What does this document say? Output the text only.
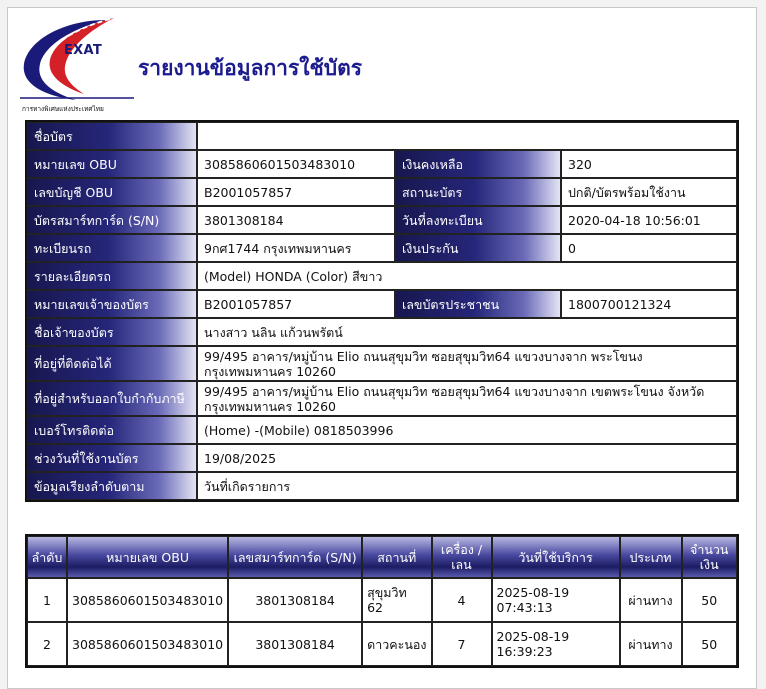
EXAT
การทางพิเศษแห่งประเทศไทย
รายงานข้อมูลการใช้บัตร
ชื่อบัตร			
หมายเลข OBU	3085860601503483010	เงินคงเหลือ	320
เลขบัญชี OBU	B2001057857	สถานะบัตร	ปกติ/บัตรพร้อมใช้งาน
บัตรสมาร์ทการ์ด (S/N)	3801308184	วันที่ลงทะเบียน	2020-04-18 10:56:01
ทะเบียนรถ	9กศ1744 กรุงเทพมหานคร	เงินประกัน	0
รายละเอียดรถ	(Model) HONDA (Color) สีขาว		
หมายเลขเจ้าของบัตร	B2001057857	เลขบัตรประชาชน	1800700121324
ชื่อเจ้าของบัตร	นางสาว นลิน แก้วนพรัตน์		
ที่อยู่ที่ติดต่อได้	99/495 อาคาร/หมู่บ้าน Elio ถนนสุขุมวิท ซอยสุขุมวิท64 แขวงบางจาก พระโขนง กรุงเทพมหานคร 10260		
ที่อยู่สำหรับออกใบกำกับภาษี	99/495 อาคาร/หมู่บ้าน Elio ถนนสุขุมวิท ซอยสุขุมวิท64 แขวงบางจาก เขตพระโขนง จังหวัดกรุงเทพมหานคร 10260		
เบอร์โทรติดต่อ	(Home) -(Mobile) 0818503996		
ช่วงวันที่ใช้งานบัตร	19/08/2025		
ข้อมูลเรียงลำดับตาม	วันที่เกิดรายการ		
ลำดับ	หมายเลข OBU	เลขสมาร์ทการ์ด (S/N)	สถานที่	เครื่อง /เลน	วันที่ใช้บริการ	ประเภท	จำนวนเงิน
1	3085860601503483010	3801308184	สุขุมวิท 62	4	2025-08-19 07:43:13	ผ่านทาง	50
2	3085860601503483010	3801308184	ดาวคะนอง	7	2025-08-19 16:39:23	ผ่านทาง	50
